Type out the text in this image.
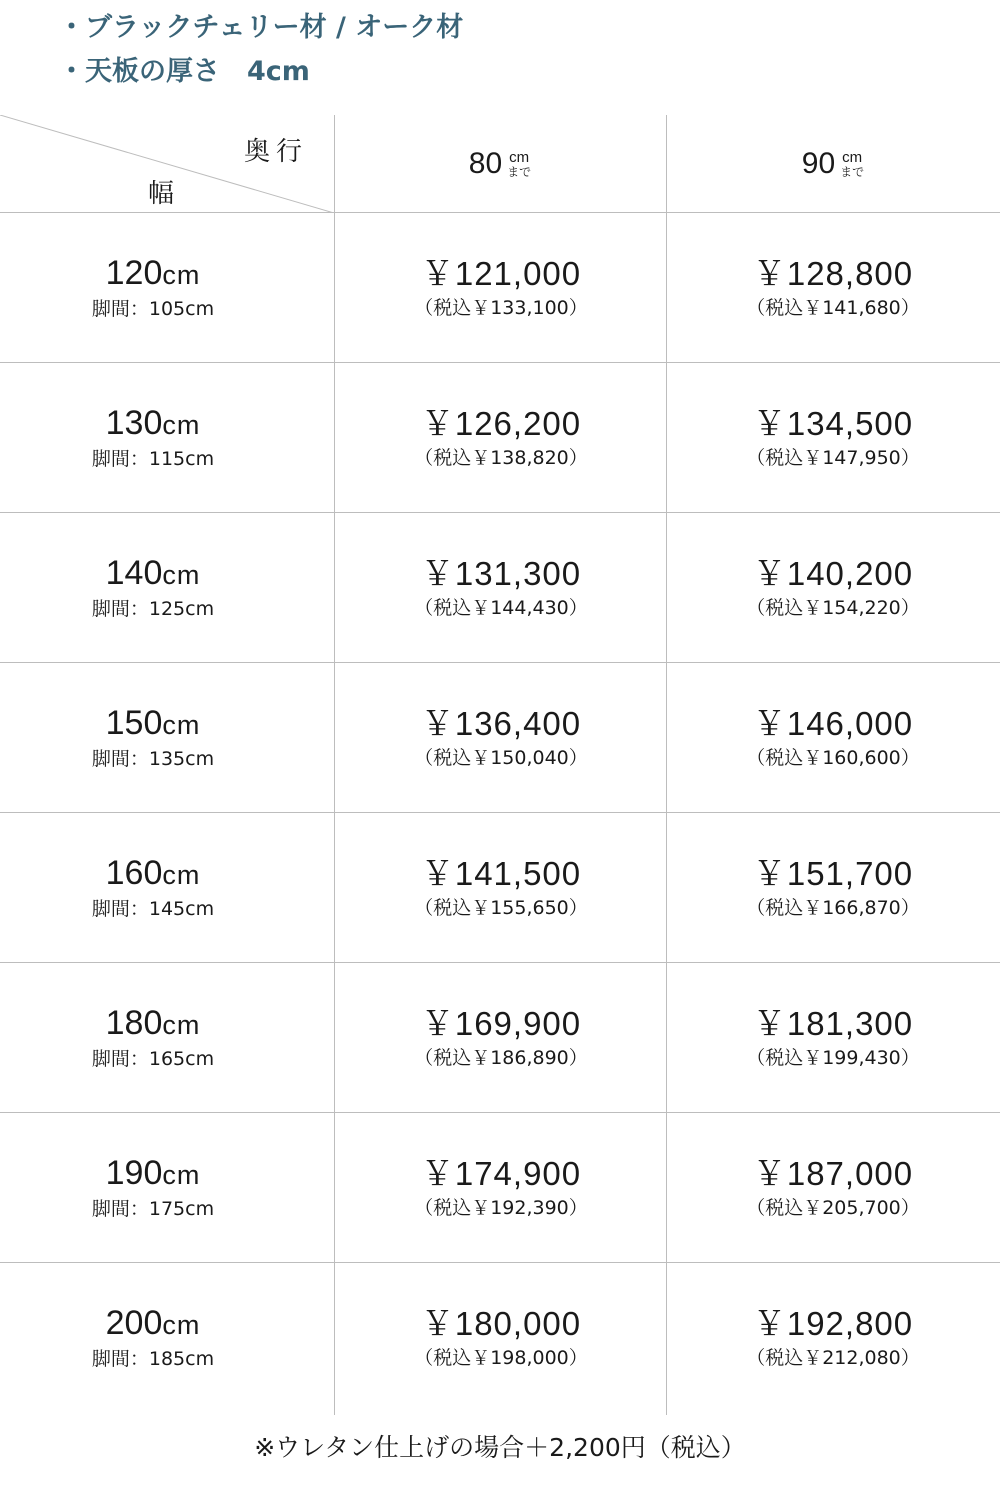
・ブラックチェリー材 / オーク材
・天板の厚さ　4cm
奥行
幅
80 cm
まで	90 cm
まで
120cm
脚間：105cm
￥121,000
（税込￥133,100）
￥128,800
（税込￥141,680）
130cm
脚間：115cm
￥126,200
（税込￥138,820）
￥134,500
（税込￥147,950）
140cm
脚間：125cm
￥131,300
（税込￥144,430）
￥140,200
（税込￥154,220）
150cm
脚間：135cm
￥136,400
（税込￥150,040）
￥146,000
（税込￥160,600）
160cm
脚間：145cm
￥141,500
（税込￥155,650）
￥151,700
（税込￥166,870）
180cm
脚間：165cm
￥169,900
（税込￥186,890）
￥181,300
（税込￥199,430）
190cm
脚間：175cm
￥174,900
（税込￥192,390）
￥187,000
（税込￥205,700）
200cm
脚間：185cm
￥180,000
（税込￥198,000）
￥192,800
（税込￥212,080）
※ウレタン仕上げの場合＋2,200円（税込）
